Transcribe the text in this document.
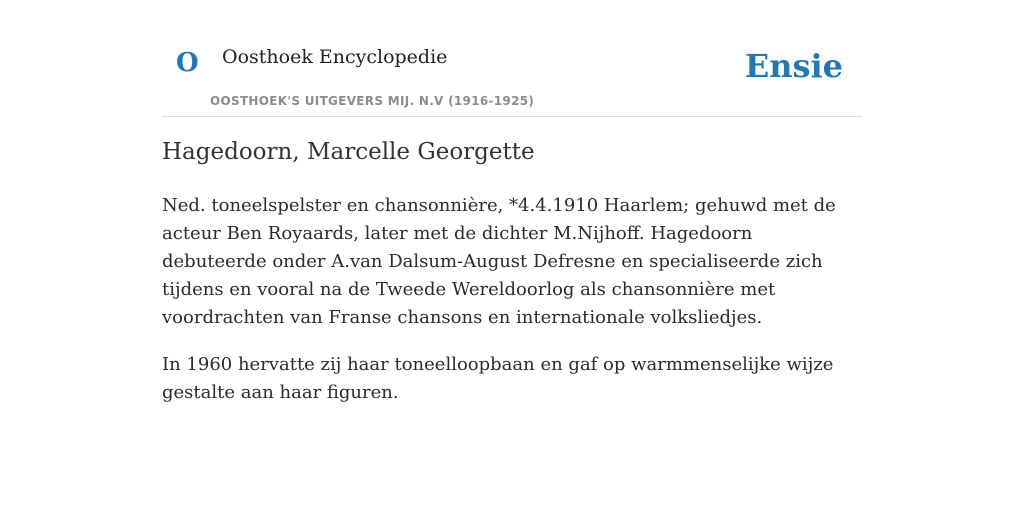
O Oosthoek Encyclopedie
OOSTHOEK'S UITGEVERS MIJ. N.V (1916-1925)
Ensie
Hagedoorn, Marcelle Georgette

Ned. toneelspelster en chansonnière, *4.4.1910 Haarlem; gehuwd met de acteur Ben Royaards, later met de dichter M.Nijhoff. Hagedoorn debuteerde onder A.van Dalsum-August Defresne en specialiseerde zich tijdens en vooral na de Tweede Wereldoorlog als chansonnière met voordrachten van Franse chansons en internationale volksliedjes.

In 1960 hervatte zij haar toneelloopbaan en gaf op warmmenselijke wijze gestalte aan haar figuren.
